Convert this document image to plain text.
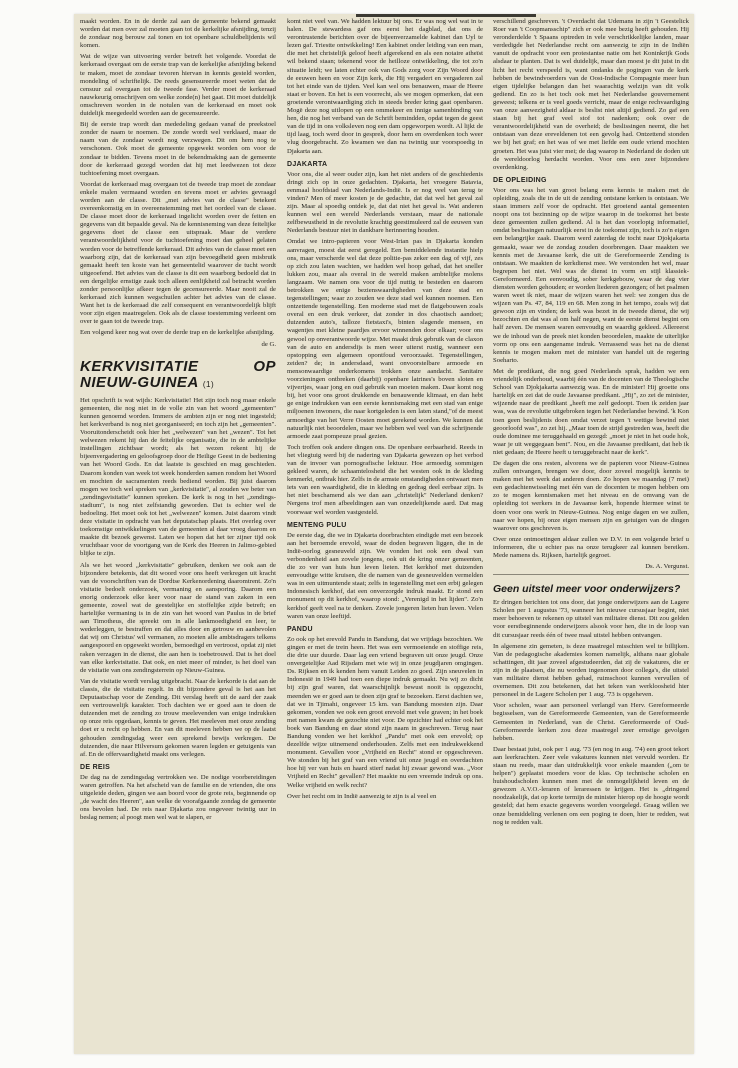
maakt worden. En in de derde zal aan de gemeente bekend gemaakt worden dat men over zal moeten gaan tot de kerkelijke afsnijding, tenzij de zondaar nog berouw zal tonen en tot openbare schuldbelijdenis wil komen.

Wat de wijze van uitvoering verder betreft het volgende. Voordat de kerkeraad overgaat om de eerste trap van de kerkelijke afsnijding bekend te maken, moet de zondaar tevoren hiervan in kennis gesteld worden, mondeling of schriftelijk. De reeds gesensureerde moet weten dat de censuur zal overgaan tot de tweede fase. Verder moet de kerkeraad nauwkeurig omschrijven om welke zonde(n) het gaat. Dit moet duidelijk omschreven worden in de notulen van de kerkeraad en moet ook duidelijk meegedeeld worden aan de gecensureerde.

Bij de eerste trap wordt dan mededeling gedaan vanaf de preekstoel zonder de naam te noemen. De zonde wordt wel verklaard, maar de naam van de zondaar wordt nog verzwegen. Dit om hem nog te verschonen. Ook moet de gemeente opgewekt worden om voor de zondaar te bidden. Tevens moet in de bekendmaking aan de gemeente door de kerkeraad gezegd worden dat hij met leedwezen tot deze tuchtoefening moet overgaan.

Voordat de kerkeraad mag overgaan tot de tweede trap moet de zondaar enkele malen vermaand worden en tevens moet er advies gevraagd worden aan de classe. Dit „met advies van de classe" betekent overeenkomstig en in overeenstemming met het oordeel van de classe. De classe moet door de kerkeraad ingelicht worden over de feiten en gegevens van dit bepaalde geval. Na de kennisneming van deze feitelijke gegevens doet de classe een uitspraak. Maar de verdere verantwoordelijkheid voor de tuchtoefening moet dan geheel gelaten worden voor de betreffende kerkeraad. Dit advies van de classe moet een waarborg zijn, dat de kerkeraad van zijn bevoegdheid geen misbruik gemaakt heeft ten koste van het gemeentelid waarover de tucht wordt uitgeoefend. Het advies van de classe is dit een waarborg bedoeld dat in een dergelijke ernstige zaak toch alleen eenlijkheid zal betracht worden zonder persoonlijke afkeer tegen de gecensureerde. Maar nooit zal de kerkeraad zich kunnen wegschuilen achter het advies van de classe. Want het is de kerkeraad die zelf consequent en verantwoordelijk blijft voor zijn eigen maatregelen. Ook als de classe toestemming verleent om over te gaan tot de tweede trap.

Een volgend keer nog wat over de derde trap en de kerkelijke afsnijding.

de G.
KERKVISITATIE OP NIEUW-GUINEA (1)

Het opschrift is wat wijds: Kerkvisitatie! Het zijn toch nog maar enkele gemeenten, die nog niet in de volle zin van het woord „gemeenten" kunnen genoemd worden. Immers de ambten zijn er nog niet ingesteld; het kerkverband is nog niet georganiseerd; en toch zijn het „gemeenten". Vooruitonderscheidt ook hier het „welwezen" van het „wezen". Tot het welwezen rekent hij dan de feitelijke organisatie, die in de ambtelijke instellingen zichtbaar wordt; als het wezen rekent hij de bijeenvergadering en geloofsgroep door de Heilige Geest in de bediening van het Woord Gods. En dat laatste is geschied en mag geschieden. Daarom konden van week tot week honderden samen rondom het Woord en mochten de sacramenten reeds bediend worden. Bij juist daarom mogen we toch wel spreken van „kerkvisitatie", al zouden we beter van „zendingsvisitatie" kunnen spreken. De kerk is nog in het „zendings-stadium", is nog niet zelfstandig geworden. Dat is echter wel de bedoeling. Het moet ook tot het „welwezen" komen. Juist daarom vindt deze visitatie in opdracht van het deputatschap plaats. Het overleg over toekomstige ontwikkelingen van de gemeenten al daar vroeg daarom en maakte dit bezoek gewenst. Laten we hopen dat het ter zijner tijd ook vruchtbaar voor de voortgang van de Kerk des Heeren in Jalimo-gebied blijke te zijn.

Als we het woord „kerkvisitatie" gebruiken, denken we ook aan de bijzondere betekenis, dat dit woord voor ons heeft verkregen uit kracht van de voorschriften van de Dordtse Kerkenordening daaromtrent. Zo'n visitatie bedoelt onderzoek, vermaning en aansporing. Daarom een enorig onderzoek elke keer voor naar de stand van zaken in een gemeente, zowel wat de geestelijke en stoffelijke zijde betreft; en hartelijke vermaning is in de zin van het woord van Paulus in de brief aan Timotheus, die spreekt om in alle lankmoedigheid en leer, te wederleggen, te bestraffen en dat alles door en getrouw en aanbevolen dat wij om Christus' wil vermanen, zo moeten alle ambtsdragers telkens aangespoord en opgewekt worden, bemoedigd en vertroost, opdat zij niet raken verzagen in de dienst, die aan hen is toebetrouwd. Dat is het doel van elke kerkvisitatie. Dat ook, en niet meer of minder, is het doel van de visitatie van ons zendingsterrein op Nieuw-Guinea.

Van de visitatie wordt verslag uitgebracht. Naar de kerkorde is dat aan de classis, die de visitatie regelt. In dit bijzondere geval is het aan het Deputaatschap voor de Zending. Dit verslag heeft uit de aard der zaak een vertrouwelijk karakter. Toch dachten we er goed aan te doen de duizenden met de zending zo trouw meelevenden van enige indrukken op onze reis opgedaan, kennis te geven. Het meeleven met onze zending doet er u recht op hebben. En van dit meeleven hebben we op de laatst gehouden zendingsdag weer een sprekend bewijs verkregen. De duizenden, die naar Hilversum gekomen waren legden er getuigenis van af. En de offervaardigheid maakt ons verlegen.

DE REIS

De dag na de zendingsdag vertrokken we. De nodige voorbereidingen waren getroffen. Na het afscheid van de familie en de vrienden, die ons uitgeleide deden, gingen we aan boord voor de grote reis, beginnende op „de wacht des Heeren", aan welke de voorafgaande zondag de gemeente ons bevolen had. De reis naar Djakarta zou ongeveer twintig uur in beslag nemen; al poogt men wel wat te slapen, er

komt niet veel van. We hadden lektuur bij ons. Er was nog wel wat in te halen. De stewardess gaf ons eerst het dagblad, dat ons de verontrustende berichten over de bijeenverzamelde kabinet dan Uyl te lezen gaf. Triestte ontwikkeling! Een kabinet onder leiding van een man, die met het christelijk geloof heeft afgerekend en als een notaire atheïst wil bekend staan; tekenend voor de heilloze ontwikkeling, die tot zo'n situatie leidt; we laten echter ook van Gods zorg voor Zijn Woord door de eeuwen heen en voor Zijn kerk, die Hij vergadert en vergaderen zal tot het einde van de tijden. Veel kan wel ons benauwen, maar de Heere staat er boven. En het is een voorrecht, als we mogen opmerken, dat een groeiende verontwaardiging zich in steeds breder kring gaat openbaren. Mogë deze nog uitlopen op een ommekeer en innige samenbinding van hen, die nog het verband van de Schrift bemindden, opdat tegen de geest van de tijd in ons volksleven nog een dam opgeworpen wordt. Al lijkt de tijd laag, toch werd door in gesprek, door hem en overdenken toch weer vlug doorgebracht. Zo kwamen we dan na twintig uur voorspoedig in Djakarta aan.

DJAKARTA

Voor ons, die al weer ouder zijn, kan het niet anders of de geschiedenis dringt zich op in onze gedachten. Djakarta, het vroegere Batavia, eenmaal hoofdstad van Nederlands-Indië. Is er nog veel van terug te vinden? Men of meer kosten je de gedachte, dat dat wel het geval zal zijn. Maar al spoedig ontdek je, dat dat niet het geval is. Wat anderen kunnen wel een wereld Nederlands verstaan, maar de nationale zelfbewustheid in de revolutie krachtig geestimuleerd zal de eeuwen van Nederlands bestuur niet in dankbare herinnering houden.

Omdat we intro-papieren voor West-Irian pas in Djakarta konden aanvragen, moest dat eerst geregeld. Een bemiddelende instantie hielp ons, maar verscherde wel dat deze politie-pas zeker een dag of vijf, zes op zich zou laten wachten, we hadden wel hoop gehad, dat het sneller lukken zou, maar als overal in de wereld maken ambtelijke molens langzaam. We namen ons voor de tijd nuttig te besteden en daarom betrokken we enige bezienswaardigheden van deze stad en tegenstellingen; waar zo zouden we deze stad wel kunnen noemen. Een ontzettende tegenstelling. Een moderne stad met de flatgebouwen zoals overal en een druk verkeer, dat zonder in dos chaotisch aandoet; duizenden auto's, talloze fietstaxi's, binten slagende mensen, en wagentjes met kleine paardjes ervoor winnenden door elkaar; voor ons gewoel op onverantwoorde wijze. Met maakt druk gebruik van de claxon van de auto en andersdijs is men weer uiterst rustig, wanneer een opstopping een algemeen opontfoud veroorzaakt. Tegenstellingen, zeiden? de; in andersdaad, want onvoorstelbare armoede en mensonwaardige onderkomens trokken onze aandacht. Sanitaire voorzieningen ontbreken (daarbij) openbare latrines's boven sloten en vijvertjes, waar jong en oud gebruik van moeten maken. Daar komt nog bij, het voor ons groot drukkende en benauwende klimaat, en dan hebt ge enige indrukken van een eerste kennismaking met een stad van enige miljoenen inwoners, die naar kortgeleden is een laten stand,"of de meest armoedige van het Verre Oosten moet gerekend worden. We kunnen dat natuurlijk niet beoordelen, maar we hebben wel veel van die schrijnende armoede zaat pompeuze praal gezien.

Toch troffen ook andere dingen ons. De openbare eerbaarheid. Reeds in het vliegtuig werd bij de nadering van Djakarta gewezen op het verbod van de invoer van pornografische lektuur. Hoe armoedig sommigen gekleed waren, de schaamtelosheid die het westen ook in de kleding kenmerkt, ontbrak hier. Zelfs in de armste omstandigheden ontwaart men iets van een waardigheid, die in kleding en gedrag deel eerbaar zijn. Is het niet beschamend als we dan aan „christelijk" Nederland denken? Nergens trof men afbeeldingen aan van onzedelijkende aard. Dat mag voorwaar wel worden vastgesteld.

MENTENG PULU

De eerste dag, die we in Djakarta doorbrachten eindigde met een bezoek aan het beroemde erevold, waar de doden begraven liggen, die in de Indië-oorlog gesneuveld zijn. We vonden het ook een dwal van verbondenheid aan zovele jongens, ook uit de kring onzer gemeenten, die zo ver van huis hun leven lieten. Het kerkhof met duizenden eenvoudige witte kruisen, die de namen van de gesneuvelden vermelden was in een uitmuntende staat; zelfs in tegenstelling met een erbij gelegen Indonesisch kerkhof, dat een onverzorgde indruk maakt. Er stond een monument op dit kerkhof, waarop stond: „Verenigd in het lijden". Zo'n kerkhof geeft veel na te denken. Zovele jongeren lieten hun leven. Velen waren van onze leeftijd.

PANDU

Zo ook op het erevold Pandu in Bandung, dat we vrijdags bezochten. We gingen er met de trein heen. Het was een vermoeiende en stoffige reis, die drie uur duurde. Daar lag een vriend begraven uit onze jeugd. Onze onvergetelijke Aad Rijsdam met wie wij in onze jeugdjaren omgingen. Ds. Rijksen en ik kenden hem vanuit Leiden zo goed. Zijn sneuvelen in Indonesië in 1949 had toen een diepe indruk gemaakt. Nu wij zo dicht bij zijn graf waren, dat waarschijnlijk bewust nooit is opgezocht, meenden we er goed aan te doen zijn graf te bezoeken. Eerst dachten we, dat we in Tjimahi, ongeveer 15 km. van Bandung moesten zijn. Daar gekomen, vonden we ook een groot erevold met vele graven; in het boek met namen kwam de gezochte niet voor. De opzichter had echter ook het boek van Bandung en daar stond zijn naam in geschreven. Terug naar Bandung vonden we het kerkhof „Pandu" met ook een erevold; op dezelfde wijze uitnemend onderhouden. Zelfs met een indrukwekkend monument. Gevallen voor „Vrijheid en Recht" stond er opgeschreven. We stonden bij het graf van een vriend uit onze jeugd en overdachten hoe hij ver van huis en haard stierf nadat hij zwaar gewond was. „Voor Vrijheid en Recht" gevallen? Het maakte nu een vreemde indruk op ons. Welke vrijheid en welk recht?

Over het recht om in Indië aanwezig te zijn is al veel en

verschillend geschreven. 't Overdacht dat Udemans in zijn 't Geestelick Roer van 't Coopmansschip" zich er ook mee bezig heeft gehouden. Hij veronderdelde 't Spaans optreden in vele verschrikkelijke landen, maar verdedigde het Nederlandse recht om aanwezig te zijn in de Indiën vanuit de opdracht voor een protestantse natie om het Koninkrijk Gods alsdaar te planten. Dat is wel duidelijk, maar dan moest je dit juist in dit licht het recht verspeeld is, want ondanks de pogingen van de kerk hebben de bewindvoerders van de Oost-Indische Compagnie meer hun eigen tijdelijke belangen dan het waarachtig welzijn van dit volk gediend. En zo is het toch ook met het Nederlandse gouvernement geweest; telkens er is veel goeds verricht, maar de enige rechvaardiging van onze aanwezigheid aldaar is beslist niet altijd gediend. Zo gaf een staan bij het graf veel stof tot nadenken; ook over de verantwoordelijkheid van de overheid; de beslissingen neemt, die het ontstaan van deze ereveldenen tot een gevolg had. Ontzettend stonden we bij het graf; en het was of we met liefde een oude vriend mochten groeten. Het was juist vier mei; de dag waarop in Nederland de doden uit de wereldoorlog herdacht worden. Voor ons een zeer bijzondere overdenking.

DE OPLEIDING

Voor ons was het van groot belang eens kennis te maken met de opleiding, zoals die in de uit de zending ontstane kerken is ontstaan. We staan immers zelf voor de opdracht. Het groeiend aantal gemeenten noopt ons tot bezinning op de wijze waarop in de toekomst het beste deze gemeenten zullen gediend. Al is het dan voorlopig informatief, omdat beslissingen natuurlijk eerst in de toekomst zijn, toch is zo'n eigen een belangrijke zaak. Daarom werd zaterdag de tocht naar Djokjakarta gemaakt, waar we de zondag zouden doorbrengen. Daar maakten we kennis met de Javaanse kerk, die uit de Gereformeerde Zending is ontstaan. We maakten de kerkdienst mee. We verstonden het wel, maar begrepen het niet. Wel was de dienst in vorm en stijl klassiek-Gereformeerd. Een eenvoudig, sober kerkgebouw, waar de dag vier diensten worden gehouden; er worden liederen gezongen; of het psalmen waren weet ik niet, maar de wijzen waren het wel: we zongen dus de wijzen van Ps. 47, 84, 119 en 68. Men zong in het tempo, zoals wij dat gewoon zijn en vinden; de kerk was bezet in de tweede dienst, die wij bezochten en dat was al om half negen, want de eerste dienst begint om half zeven. De mensen waren eenvoudig en waardig gekleed. Allereerst we de inhoud van de preek niet konden beoordelen, maakte de uiterlijke vorm op ons een aangename indruk. Verrassend was het na de dienst kennis te mogen maken met de minister van handel uit de regering Soeharto.

Met de predikant, die nog goed Nederlands sprak, hadden we een vriendelijk onderhoud, waarbij één van de docenten van de Theologische School van Djokjakarta aanwezig was. En de minister! Hij groette ons hartelijk en zei dat de oude Javaanse predikant. „Hij", zo zei de minister, wijzende naar de predikant „heeft me zelf gedoopt. Toen ik zeiden jaar was, was de revolutie uitgebroken tegen het Nederlandse bewind. 'k Kon toen geen beslijdenis doen omdat verzet tegen 't wettige bewind niet geoorloofd was", zo zei hij. „Maar toen de strijd gestreden was, heeft die oude dominee me teruggehaald en gezegd: „moet je niet in het oude hok, waar je uit weggegaan bent". Nou, en die Javaanse predikant, dat heb ik niet gedaan; de Heere heeft u teruggebracht naar de kerk".

De dagen die ons resten, alvorens we de papieren voor Nieuw-Guinea zullen ontvangen, brengen we door, door zoveel mogelijk kennis te maken met het werk dat anderen doen. Zo hopen we maandag (7 mei) een gedachtenwisseling met één van de docenten te mogen hebben om zo te mogen kennismaken met het niveau en de omvang van de opleiding tot werkers in de Javaanse kerk, hopende hiermee winst te doen voor ons werk in Nieuw-Guinea. Nog enige dagen en we zullen, naar we hopen, bij onze eigen mensen zijn en getuigen van de dingen waarover ons geschreven is.

Over onze ontmoetingen aldaar zullen we D.V. in een volgende brief u informeren, die u echter pas na onze terugkeer zal kunnen bereiken. Mede namens ds. Rijksen, hartelijk gegroet.

Ds. A. Vergunst.
Geen uitstel meer voor onderwijzers?

Er dringen berichten tot ons door, dat jonge onderwijzers aan de Lagere Scholen per 1 augustus '73, wanneer het nieuwe cursusjaar begint, niet meer behoeven te rekenen op uitstel van militaire dienst. Dit zou gelden voor eerstbeginnende onderwijzers alsook voor hen, die in de loop van dit cursusjaar reeds één of twee maal uitstel hebben ontvangen.

In algemene zin gemeten, is deze maatregel misschien wel te billijken. Van de pedagogische akademies komen namelijk, althans naar globale schattingen, dit jaar zoveel afgestudeerden, dat zij de vakatures, die er zijn in de plaatsen, die nu worden ingenomen door collega's, die uitstel van militaire dienst hebben gehad, ruimschoot kunnen vervullen of overnemen. Dit zou betekenen, dat het teken van werkloosheid hier personeel in de Lagere Scholen per 1 aug. '73 is opgeheven.

Voor scholen, waar aan personeel verlangd van Herv. Gereformeerde begisselsen, van de Gereformeerde Gemeenten, van de Gereformeerde Gemeenten in Nederland, van de Christ. Gereformeerde of Oud-Gereformeerde kerken zou deze maatregel zeer ernstige gevolgen hebben.

Daar bestaat juist, ook per 1 aug. '73 (en nog in aug. '74) een groot tekort aan leerkrachten. Zeer vele vakatures kunnen niet vervuld worden. Er staan nu reeds, maar dan uitdrukkelijk voor enkele maanden („om te helpen") geplaatst moeders voor de klas. Op technische scholen en huishoudscholen kunnen men met de onmogelijkheid leven en de gewezen A.V.O.-leraren of leraressen te krijgen. Het is „dringend noodzakelijk, dat op korte termijn de minister hierop op de hoogte wordt gesteld; dat hem exacte gegevens worden voorgelegd. Graag willen we onze bemiddeling verlenen om een poging te doen, hier te redden, wat nog te redden valt.
